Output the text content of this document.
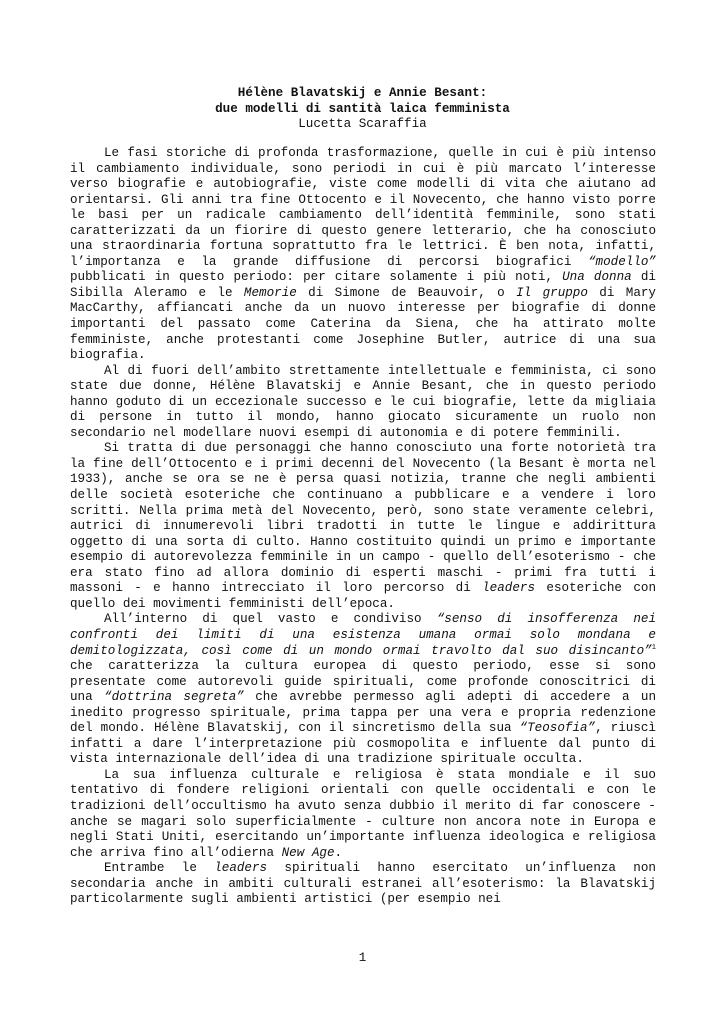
Hélène Blavatskij e Annie Besant:
due modelli di santità laica femminista
Lucetta Scaraffia

Le fasi storiche di profonda trasformazione, quelle in cui è più intenso il cambiamento individuale, sono periodi in cui è più marcato l’interesse verso biografie e autobiografie, viste come modelli di vita che aiutano ad orientarsi. Gli anni tra fine Ottocento e il Novecento, che hanno visto porre le basi per un radicale cambiamento dell’identità femminile, sono stati caratterizzati da un fiorire di questo genere letterario, che ha conosciuto una straordinaria fortuna soprattutto fra le lettrici. È ben nota, infatti, l’importanza e la grande diffusione di percorsi biografici “modello” pubblicati in questo periodo: per citare solamente i più noti, Una donna di Sibilla Aleramo e le Memorie di Simone de Beauvoir, o Il gruppo di Mary MacCarthy, affiancati anche da un nuovo interesse per biografie di donne importanti del passato come Caterina da Siena, che ha attirato molte femministe, anche protestanti come Josephine Butler, autrice di una sua biografia.

Al di fuori dell’ambito strettamente intellettuale e femminista, ci sono state due donne, Hélène Blavatskij e Annie Besant, che in questo periodo hanno goduto di un eccezionale successo e le cui biografie, lette da migliaia di persone in tutto il mondo, hanno giocato sicuramente un ruolo non secondario nel modellare nuovi esempi di autonomia e di potere femminili.

Si tratta di due personaggi che hanno conosciuto una forte notorietà tra la fine dell’Ottocento e i primi decenni del Novecento (la Besant è morta nel 1933), anche se ora se ne è persa quasi notizia, tranne che negli ambienti delle società esoteriche che continuano a pubblicare e a vendere i loro scritti. Nella prima metà del Novecento, però, sono state veramente celebri, autrici di innumerevoli libri tradotti in tutte le lingue e addirittura oggetto di una sorta di culto. Hanno costituito quindi un primo e importante esempio di autorevolezza femminile in un campo - quello dell’esoterismo - che era stato fino ad allora dominio di esperti maschi - primi fra tutti i massoni - e hanno intrecciato il loro percorso di leaders esoteriche con quello dei movimenti femministi dell’epoca.

All’interno di quel vasto e condiviso “senso di insofferenza nei confronti dei limiti di una esistenza umana ormai solo mondana e demitologizzata, così come di un mondo ormai travolto dal suo disincanto”$^1$ che caratterizza la cultura europea di questo periodo, esse si sono presentate come autorevoli guide spirituali, come profonde conoscitrici di una “dottrina segreta” che avrebbe permesso agli adepti di accedere a un inedito progresso spirituale, prima tappa per una vera e propria redenzione del mondo. Hélène Blavatskij, con il sincretismo della sua “Teosofia”, riuscì infatti a dare l’interpretazione più cosmopolita e influente dal punto di vista internazionale dell’idea di una tradizione spirituale occulta.

La sua influenza culturale e religiosa è stata mondiale e il suo tentativo di fondere religioni orientali con quelle occidentali e con le tradizioni dell’occultismo ha avuto senza dubbio il merito di far conoscere - anche se magari solo superficialmente - culture non ancora note in Europa e negli Stati Uniti, esercitando un’importante influenza ideologica e religiosa che arriva fino all’odierna New Age.

Entrambe le leaders spirituali hanno esercitato un’influenza non secondaria anche in ambiti culturali estranei all’esoterismo: la Blavatskij particolarmente sugli ambienti artistici (per esempio nei

1
